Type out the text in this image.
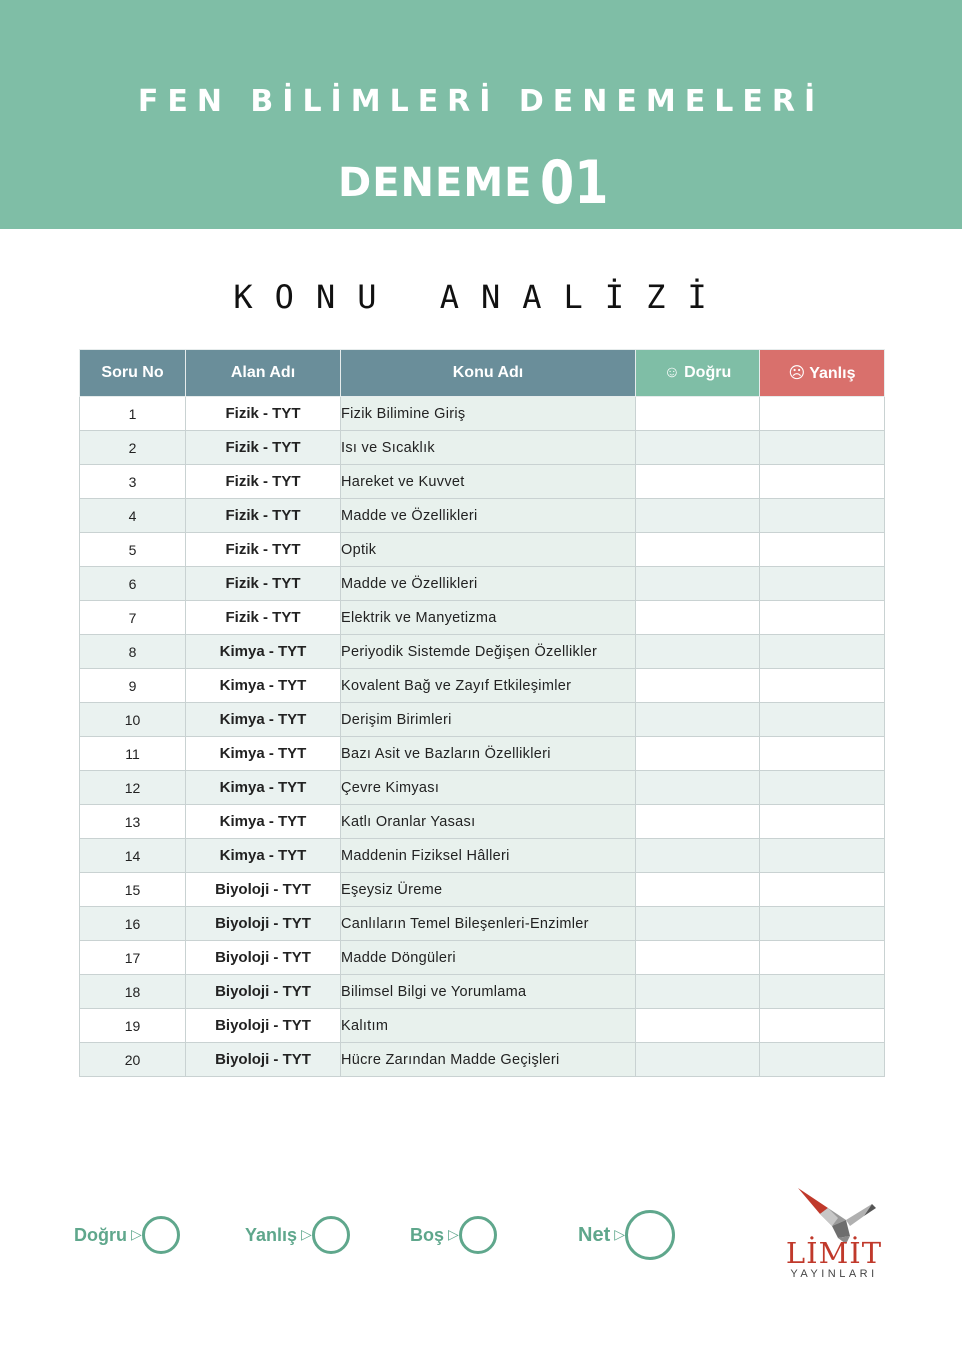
FEN BİLİMLERİ DENEMELERİ
DENEME 01
KONU ANALİZİ
Soru No	Alan Adı	Konu Adı	☺ Doğru	☹ Yanlış
1	Fizik - TYT	Fizik Bilimine Giriş		
2	Fizik - TYT	Isı ve Sıcaklık		
3	Fizik - TYT	Hareket ve Kuvvet		
4	Fizik - TYT	Madde ve Özellikleri		
5	Fizik - TYT	Optik		
6	Fizik - TYT	Madde ve Özellikleri		
7	Fizik - TYT	Elektrik ve Manyetizma		
8	Kimya - TYT	Periyodik Sistemde Değişen Özellikler		
9	Kimya - TYT	Kovalent Bağ ve Zayıf Etkileşimler		
10	Kimya - TYT	Derişim Birimleri		
11	Kimya - TYT	Bazı Asit ve Bazların Özellikleri		
12	Kimya - TYT	Çevre Kimyası		
13	Kimya - TYT	Katlı Oranlar Yasası		
14	Kimya - TYT	Maddenin Fiziksel Hâlleri		
15	Biyoloji - TYT	Eşeysiz Üreme		
16	Biyoloji - TYT	Canlıların Temel Bileşenleri-Enzimler		
17	Biyoloji - TYT	Madde Döngüleri		
18	Biyoloji - TYT	Bilimsel Bilgi ve Yorumlama		
19	Biyoloji - TYT	Kalıtım		
20	Biyoloji - TYT	Hücre Zarından Madde Geçişleri		
Doğru ▷	Yanlış ▷	Boş ▷	Net ▷
LİMİT
YAYINLARI
